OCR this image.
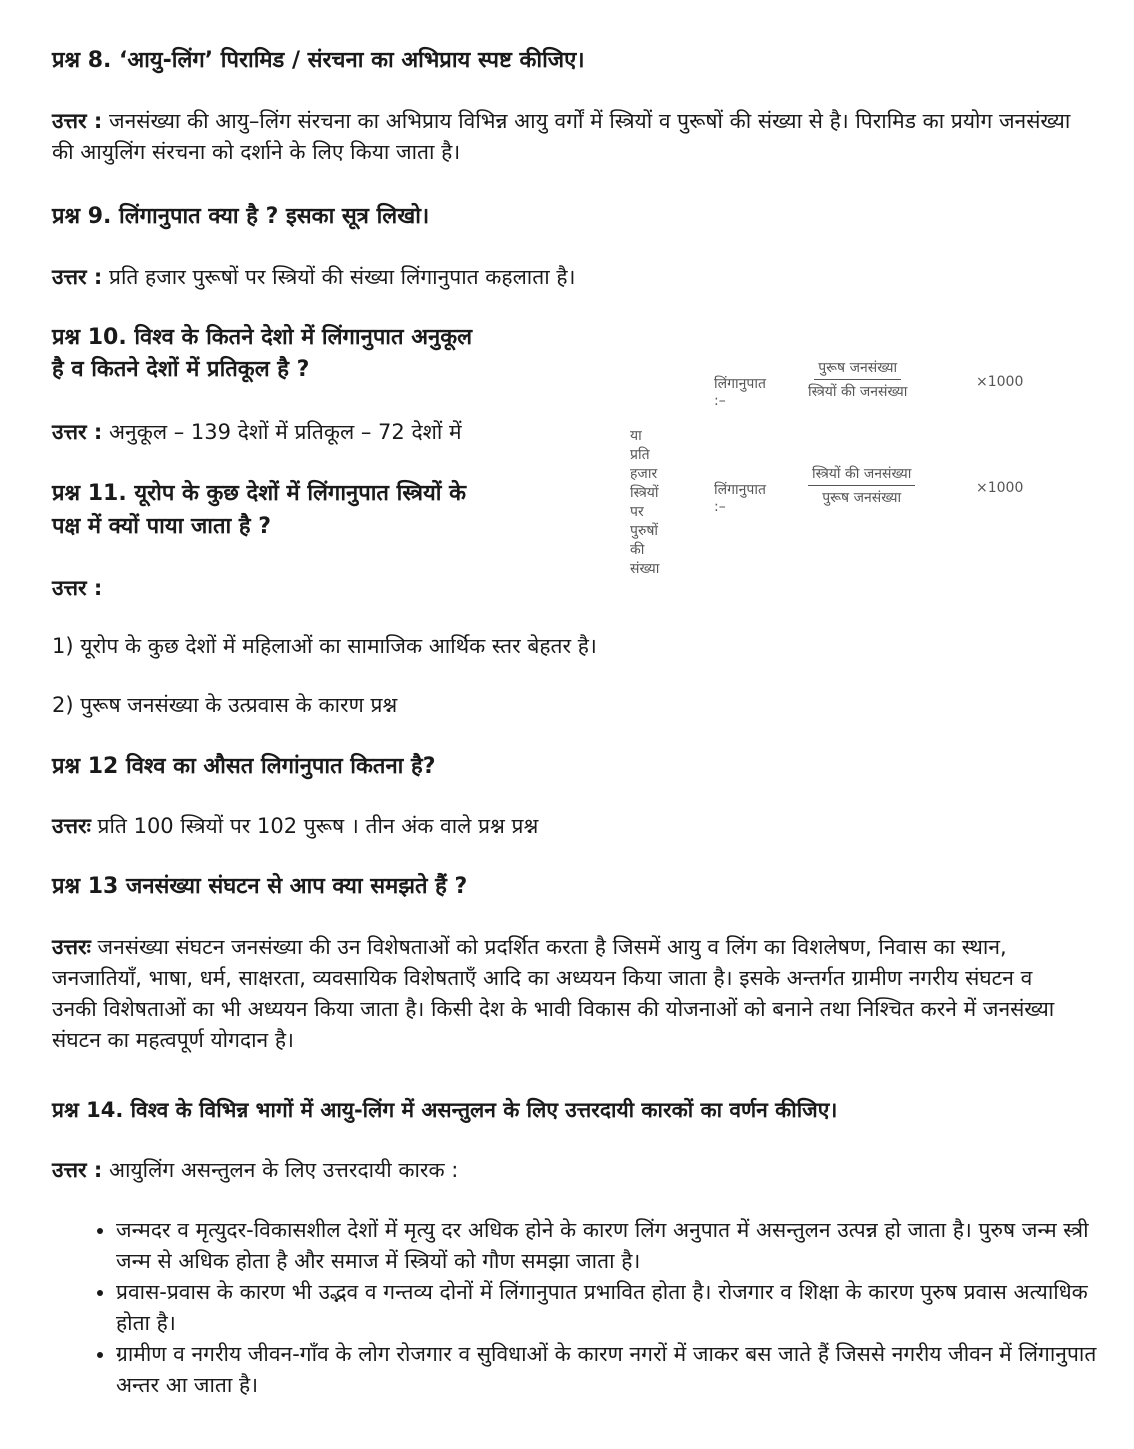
प्रश्न 8. ‘आयु-लिंग’ पिरामिड / संरचना का अभिप्राय स्पष्ट कीजिए।

उत्तर : जनसंख्या की आयु–लिंग संरचना का अभिप्राय विभिन्न आयु वर्गों में स्त्रियों व पुरूषों की संख्या से है। पिरामिड का प्रयोग जनसंख्या की आयुलिंग संरचना को दर्शाने के लिए किया जाता है।

प्रश्न 9. लिंगानुपात क्या है ? इसका सूत्र लिखो।

उत्तर : प्रति हजार पुरूषों पर स्त्रियों की संख्या लिंगानुपात कहलाता है।

प्रश्न 10. विश्व के कितने देशो में लिंगानुपात अनुकूल

है व कितने देशों में प्रतिकूल है ?

उत्तर : अनुकूल – 139 देशों में प्रतिकूल – 72 देशों में

लिंगानुपात :–
पुरूष जनसंख्या
स्त्रियों की जनसंख्या
×1000
या प्रति हजार स्त्रियों पर पुरुषों की संख्या
लिंगानुपात :–
स्त्रियों की जनसंख्या
पुरूष जनसंख्या
×1000

प्रश्न 11. यूरोप के कुछ देशों में लिंगानुपात स्त्रियों के

पक्ष में क्यों पाया जाता है ?

उत्तर :

1) यूरोप के कुछ देशों में महिलाओं का सामाजिक आर्थिक स्तर बेहतर है।

2) पुरूष जनसंख्या के उत्प्रवास के कारण प्रश्न

प्रश्न 12 विश्व का औसत लिगांनुपात कितना है?

उत्तरः प्रति 100 स्त्रियों पर 102 पुरूष । तीन अंक वाले प्रश्न प्रश्न

प्रश्न 13 जनसंख्या संघटन से आप क्या समझते हैं ?

उत्तरः जनसंख्या संघटन जनसंख्या की उन विशेषताओं को प्रदर्शित करता है जिसमें आयु व लिंग का विशलेषण, निवास का स्थान, जनजातियाँ, भाषा, धर्म, साक्षरता, व्यवसायिक विशेषताएँ आदि का अध्ययन किया जाता है। इसके अन्तर्गत ग्रामीण नगरीय संघटन व उनकी विशेषताओं का भी अध्ययन किया जाता है। किसी देश के भावी विकास की योजनाओं को बनाने तथा निश्चित करने में जनसंख्या संघटन का महत्वपूर्ण योगदान है।

प्रश्न 14. विश्व के विभिन्न भागों में आयु-लिंग में असन्तुलन के लिए उत्तरदायी कारकों का वर्णन कीजिए।

उत्तर : आयुलिंग असन्तुलन के लिए उत्तरदायी कारक :

• जन्मदर व मृत्युदर-विकासशील देशों में मृत्यु दर अधिक होने के कारण लिंग अनुपात में असन्तुलन उत्पन्न हो जाता है। पुरुष जन्म स्त्री जन्म से अधिक होता है और समाज में स्त्रियों को गौण समझा जाता है।
• प्रवास-प्रवास के कारण भी उद्भव व गन्तव्य दोनों में लिंगानुपात प्रभावित होता है। रोजगार व शिक्षा के कारण पुरुष प्रवास अत्याधिक होता है।
• ग्रामीण व नगरीय जीवन-गाँव के लोग रोजगार व सुविधाओं के कारण नगरों में जाकर बस जाते हैं जिससे नगरीय जीवन में लिंगानुपात अन्तर आ जाता है।
